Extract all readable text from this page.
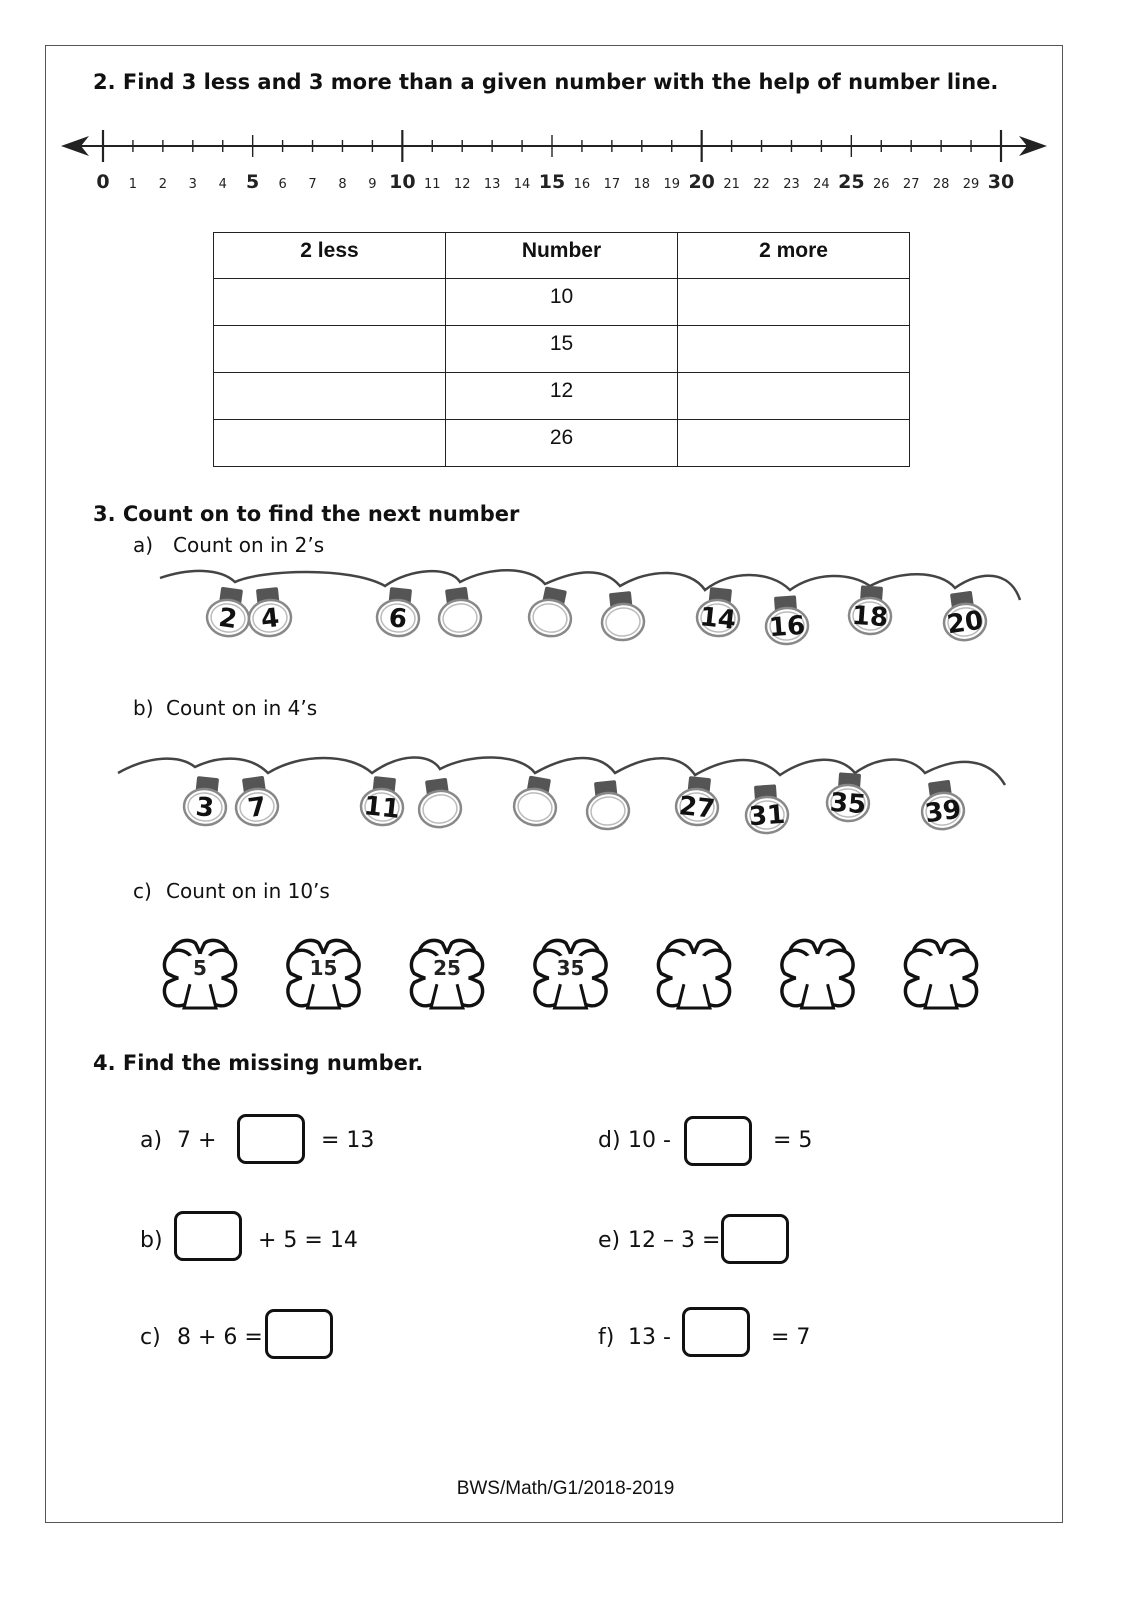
2. Find 3 less and 3 more than a given number with the help of number line.
0 1 2 3 4 5 6 7 8 9 10 11 12 13 14 15 16 17 18 19 20 21 22 23 24 25 26 27 28 29 30
2 less	Number	2 more
	10	
	15	
	12	
	26	
3. Count on to find the next number
a) Count on in 2’s
2 4	6	14 16 18 20
b) Count on in 4’s
3 7	11	27 31 35 39
c) Count on in 10’s
5	15	25	35
4. Find the missing number.
a) 7 +	= 13
b)	+ 5 = 14
c) 8 + 6 =
d) 10 -	= 5
e) 12 – 3 =
f) 13 -	= 7
BWS/Math/G1/2018-2019
